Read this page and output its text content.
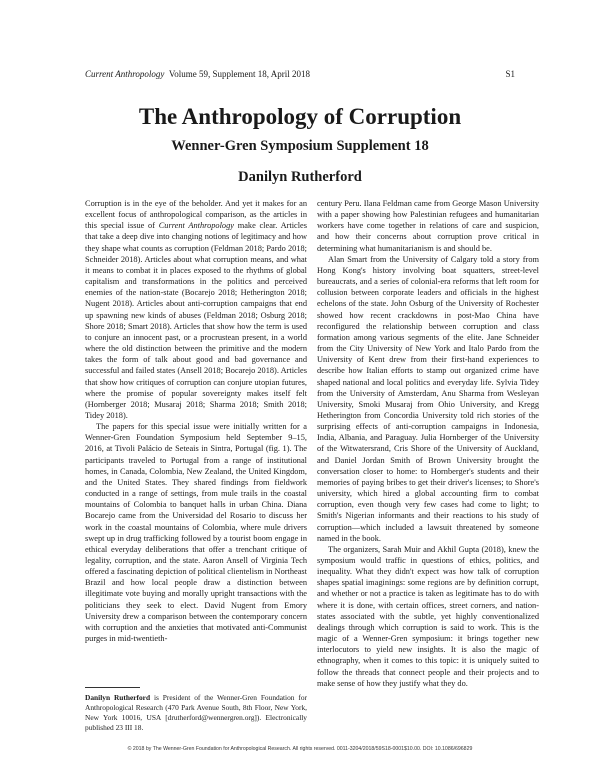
Current Anthropology Volume 59, Supplement 18, April 2018	S1
The Anthropology of Corruption
Wenner-Gren Symposium Supplement 18
Danilyn Rutherford

Corruption is in the eye of the beholder. And yet it makes for an excellent focus of anthropological comparison, as the articles in this special issue of Current Anthropology make clear. Articles that take a deep dive into changing notions of legitimacy and how they shape what counts as corruption (Feldman 2018; Pardo 2018; Schneider 2018). Articles about what corruption means, and what it means to combat it in places exposed to the rhythms of global capitalism and transformations in the politics and perceived enemies of the nation-state (Bocarejo 2018; Hetherington 2018; Nugent 2018). Articles about anti-corruption campaigns that end up spawning new kinds of abuses (Feldman 2018; Osburg 2018; Shore 2018; Smart 2018). Articles that show how the term is used to conjure an innocent past, or a procrustean present, in a world where the old distinction between the primitive and the modern takes the form of talk about good and bad governance and successful and failed states (Ansell 2018; Bocarejo 2018). Articles that show how critiques of corruption can conjure utopian futures, where the promise of popular sovereignty makes itself felt (Hornberger 2018; Musaraj 2018; Sharma 2018; Smith 2018; Tidey 2018).

The papers for this special issue were initially written for a Wenner-Gren Foundation Symposium held September 9–15, 2016, at Tivoli Palácio de Seteais in Sintra, Portugal (fig. 1). The participants traveled to Portugal from a range of institutional homes, in Canada, Colombia, New Zealand, the United Kingdom, and the United States. They shared findings from fieldwork conducted in a range of settings, from mule trails in the coastal mountains of Colombia to banquet halls in urban China. Diana Bocarejo came from the Universidad del Rosario to discuss her work in the coastal mountains of Colombia, where mule drivers swept up in drug trafficking followed by a tourist boom engage in ethical everyday deliberations that offer a trenchant critique of legality, corruption, and the state. Aaron Ansell of Virginia Tech offered a fascinating depiction of political clientelism in Northeast Brazil and how local people draw a distinction between illegitimate vote buying and morally upright transactions with the politicians they seek to elect. David Nugent from Emory University drew a comparison between the contemporary concern with corruption and the anxieties that motivated anti-Communist purges in mid-twentieth-

century Peru. Ilana Feldman came from George Mason University with a paper showing how Palestinian refugees and humanitarian workers have come together in relations of care and suspicion, and how their concerns about corruption prove critical in determining what humanitarianism is and should be.

Alan Smart from the University of Calgary told a story from Hong Kong's history involving boat squatters, street-level bureaucrats, and a series of colonial-era reforms that left room for collusion between corporate leaders and officials in the highest echelons of the state. John Osburg of the University of Rochester showed how recent crackdowns in post-Mao China have reconfigured the relationship between corruption and class formation among various segments of the elite. Jane Schneider from the City University of New York and Italo Pardo from the University of Kent drew from their first-hand experiences to describe how Italian efforts to stamp out organized crime have shaped national and local politics and everyday life. Sylvia Tidey from the University of Amsterdam, Anu Sharma from Wesleyan University, Smoki Musaraj from Ohio University, and Kregg Hetherington from Concordia University told rich stories of the surprising effects of anti-corruption campaigns in Indonesia, India, Albania, and Paraguay. Julia Hornberger of the University of the Witwatersrand, Cris Shore of the University of Auckland, and Daniel Jordan Smith of Brown University brought the conversation closer to home: to Hornberger's students and their memories of paying bribes to get their driver's licenses; to Shore's university, which hired a global accounting firm to combat corruption, even though very few cases had come to light; to Smith's Nigerian informants and their reactions to his study of corruption—which included a lawsuit threatened by someone named in the book.

The organizers, Sarah Muir and Akhil Gupta (2018), knew the symposium would traffic in questions of ethics, politics, and inequality. What they didn't expect was how talk of corruption shapes spatial imaginings: some regions are by definition corrupt, and whether or not a practice is taken as legitimate has to do with where it is done, with certain offices, street corners, and nation-states associated with the subtle, yet highly conventionalized dealings through which corruption is said to work. This is the magic of a Wenner-Gren symposium: it brings together new interlocutors to yield new insights. It is also the magic of ethnography, when it comes to this topic: it is uniquely suited to follow the threads that connect people and their projects and to make sense of how they justify what they do.

Danilyn Rutherford is President of the Wenner-Gren Foundation for Anthropological Research (470 Park Avenue South, 8th Floor, New York, New York 10016, USA [drutherford@wennergren.org]). Electronically published 23 III 18.
© 2018 by The Wenner-Gren Foundation for Anthropological Research. All rights reserved. 0011-3204/2018/59S18-0001$10.00. DOI: 10.1086/696829
